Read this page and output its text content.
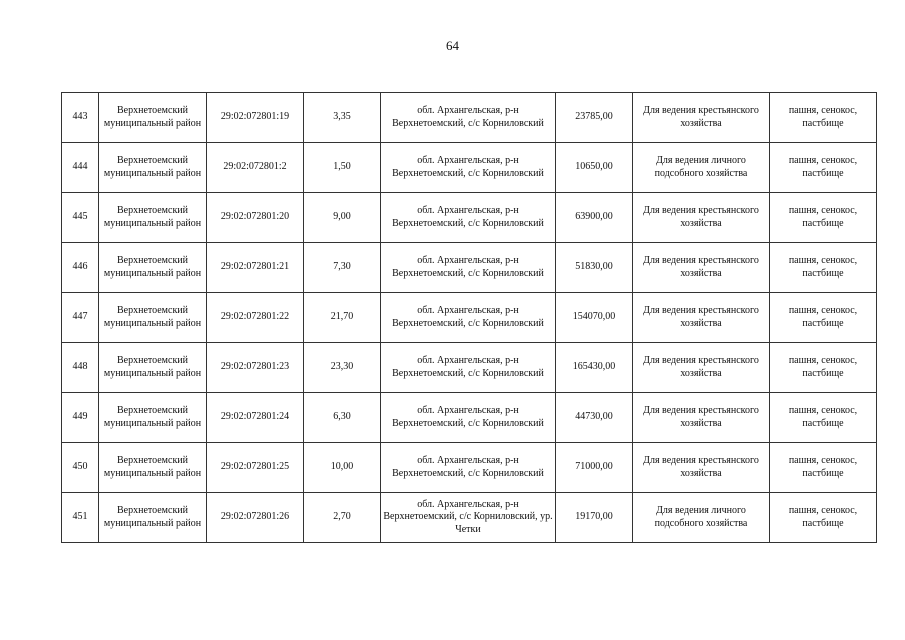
64
443	Верхнетоемский муниципальный район	29:02:072801:19	3,35	обл. Архангельская, р-н Верхнетоемский, с/с Корниловский	23785,00	Для ведения крестьянского хозяйства	пашня, сенокос, пастбище
444	Верхнетоемский муниципальный район	29:02:072801:2	1,50	обл. Архангельская, р-н Верхнетоемский, с/с Корниловский	10650,00	Для ведения личного подсобного хозяйства	пашня, сенокос, пастбище
445	Верхнетоемский муниципальный район	29:02:072801:20	9,00	обл. Архангельская, р-н Верхнетоемский, с/с Корниловский	63900,00	Для ведения крестьянского хозяйства	пашня, сенокос, пастбище
446	Верхнетоемский муниципальный район	29:02:072801:21	7,30	обл. Архангельская, р-н Верхнетоемский, с/с Корниловский	51830,00	Для ведения крестьянского хозяйства	пашня, сенокос, пастбище
447	Верхнетоемский муниципальный район	29:02:072801:22	21,70	обл. Архангельская, р-н Верхнетоемский, с/с Корниловский	154070,00	Для ведения крестьянского хозяйства	пашня, сенокос, пастбище
448	Верхнетоемский муниципальный район	29:02:072801:23	23,30	обл. Архангельская, р-н Верхнетоемский, с/с Корниловский	165430,00	Для ведения крестьянского хозяйства	пашня, сенокос, пастбище
449	Верхнетоемский муниципальный район	29:02:072801:24	6,30	обл. Архангельская, р-н Верхнетоемский, с/с Корниловский	44730,00	Для ведения крестьянского хозяйства	пашня, сенокос, пастбище
450	Верхнетоемский муниципальный район	29:02:072801:25	10,00	обл. Архангельская, р-н Верхнетоемский, с/с Корниловский	71000,00	Для ведения крестьянского хозяйства	пашня, сенокос, пастбище
451	Верхнетоемский муниципальный район	29:02:072801:26	2,70	обл. Архангельская, р-н Верхнетоемский, с/с Корниловский, ур. Четки	19170,00	Для ведения личного подсобного хозяйства	пашня, сенокос, пастбище
